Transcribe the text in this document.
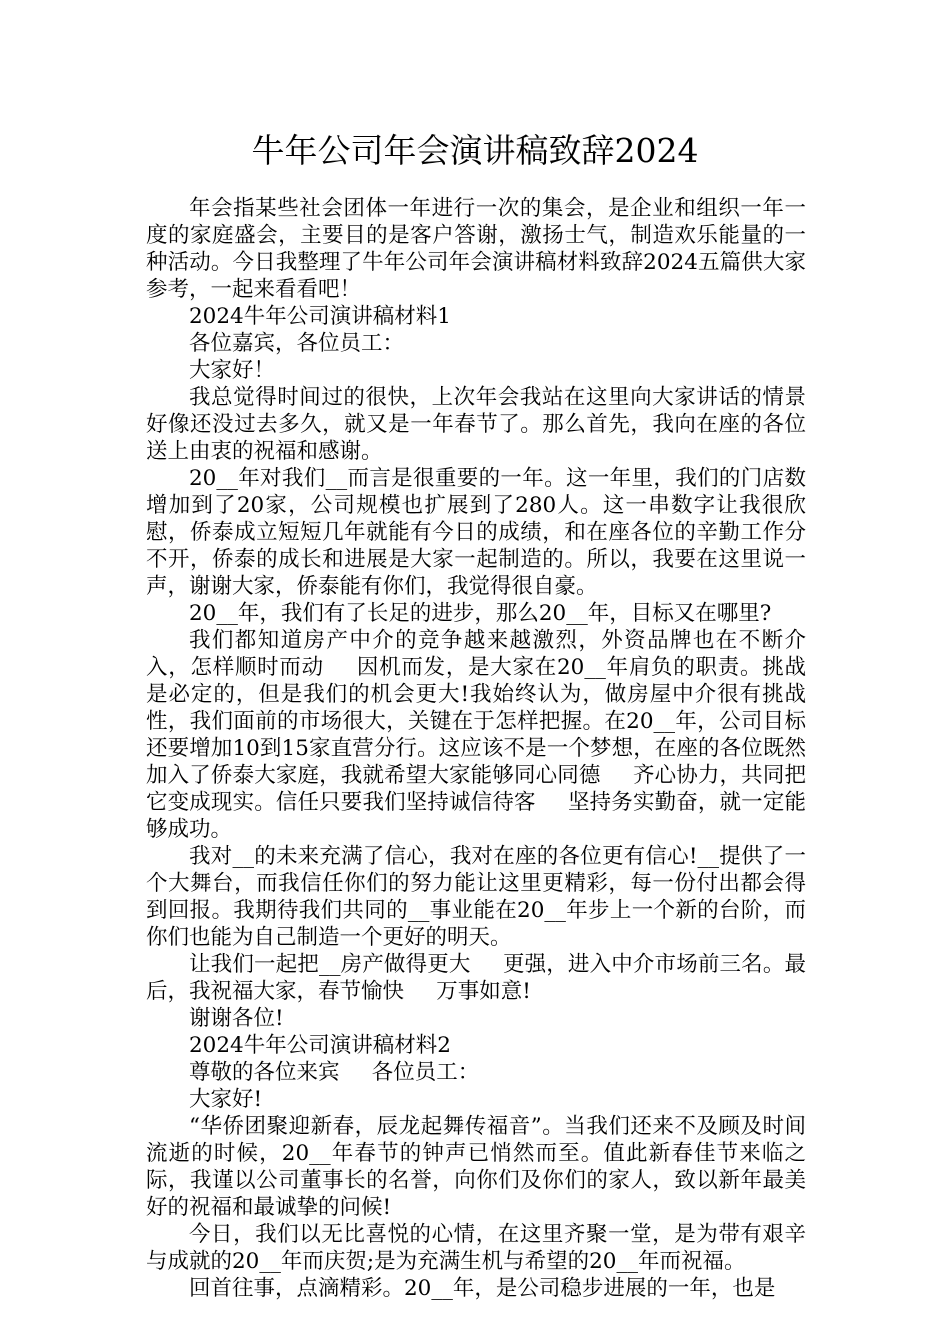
牛年公司年会演讲稿致辞2024

年会指某些社会团体一年进行一次的集会，是企业和组织一年一度的家庭盛会，主要目的是客户答谢，激扬士气，制造欢乐能量的一种活动。今日我整理了牛年公司年会演讲稿材料致辞2024五篇供大家参考，一起来看看吧！

2024牛年公司演讲稿材料1

各位嘉宾，各位员工：

大家好！

我总觉得时间过的很快，上次年会我站在这里向大家讲话的情景好像还没过去多久，就又是一年春节了。那么首先，我向在座的各位送上由衷的祝福和感谢。

20__年对我们__而言是很重要的一年。这一年里，我们的门店数增加到了20家，公司规模也扩展到了280人。这一串数字让我很欣慰，侨泰成立短短几年就能有今日的成绩，和在座各位的辛勤工作分不开，侨泰的成长和进展是大家一起制造的。所以，我要在这里说一声，谢谢大家，侨泰能有你们，我觉得很自豪。

20__年，我们有了长足的进步，那么20__年，目标又在哪里?

我们都知道房产中介的竞争越来越激烈，外资品牌也在不断介入，怎样顺时而动 因机而发，是大家在20__年肩负的职责。挑战是必定的，但是我们的机会更大!我始终认为，做房屋中介很有挑战性，我们面前的市场很大，关键在于怎样把握。在20__年，公司目标还要增加10到15家直营分行。这应该不是一个梦想，在座的各位既然加入了侨泰大家庭，我就希望大家能够同心同德 齐心协力，共同把它变成现实。信任只要我们坚持诚信待客 坚持务实勤奋，就一定能够成功。

我对__的未来充满了信心，我对在座的各位更有信心!__提供了一个大舞台，而我信任你们的努力能让这里更精彩，每一份付出都会得到回报。我期待我们共同的__事业能在20__年步上一个新的台阶，而你们也能为自己制造一个更好的明天。

让我们一起把__房产做得更大 更强，进入中介市场前三名。最后，我祝福大家，春节愉快 万事如意!

谢谢各位!

2024牛年公司演讲稿材料2

尊敬的各位来宾 各位员工：

大家好!

“华侨团聚迎新春，辰龙起舞传福音”。当我们还来不及顾及时间流逝的时候，20__年春节的钟声已悄然而至。值此新春佳节来临之际，我谨以公司董事长的名誉，向你们及你们的家人，致以新年最美好的祝福和最诚挚的问候!

今日，我们以无比喜悦的心情，在这里齐聚一堂，是为带有艰辛与成就的20__年而庆贺;是为充满生机与希望的20__年而祝福。

回首往事，点滴精彩。20__年，是公司稳步进展的一年，也是
